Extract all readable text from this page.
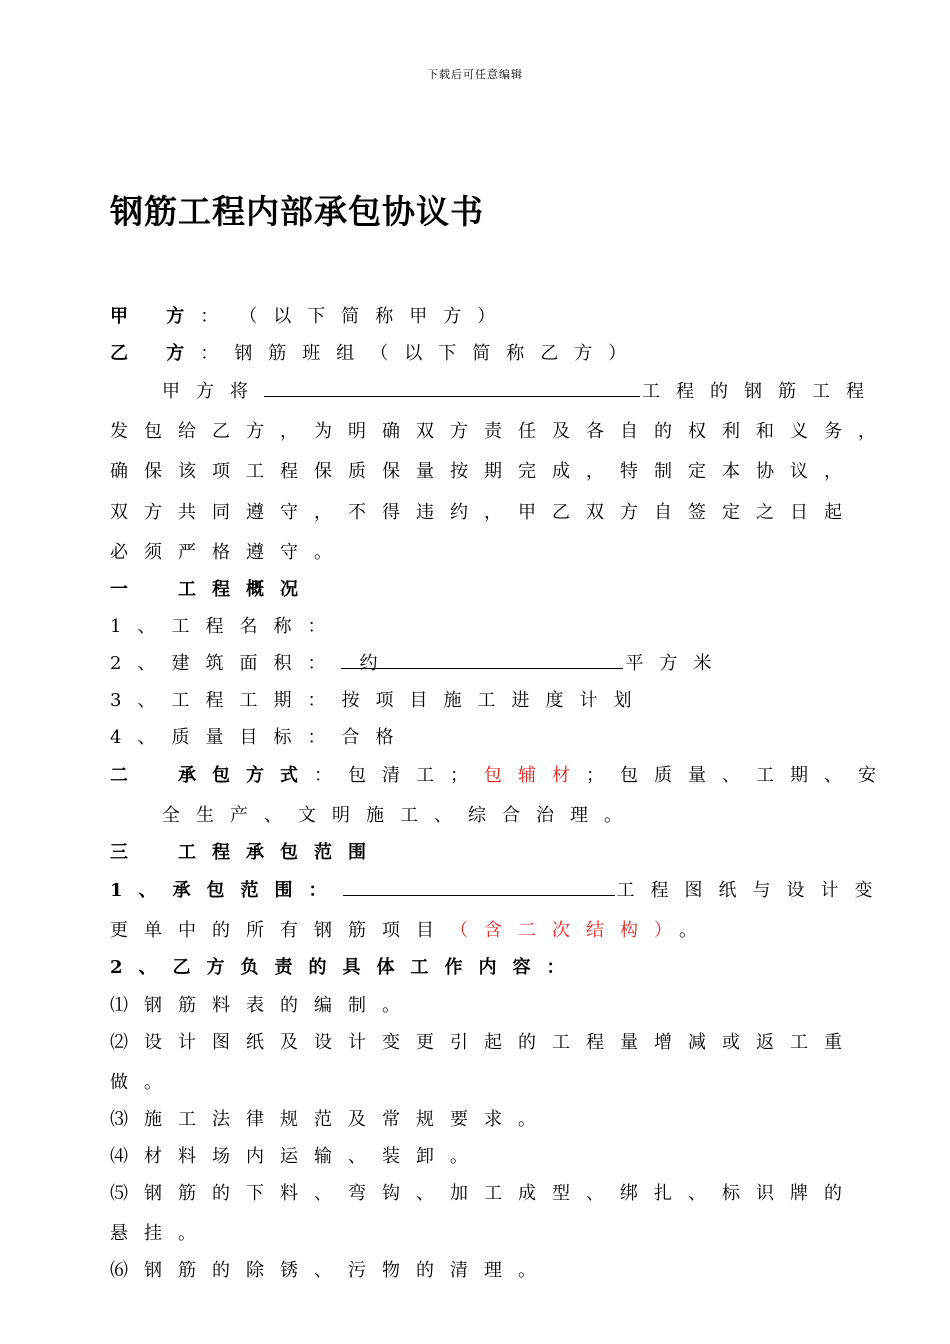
下载后可任意编辑
钢筋工程内部承包协议书
甲 方： （以下简称甲方）
乙 方：钢筋班组（以下简称乙方）
甲方将	工程的钢筋工程
发包给乙方，为明确双方责任及各自的权利和义务，
确保该项工程保质保量按期完成，特制定本协议，
双方共同遵守，不得违约，甲乙双方自签定之日起
必须严格遵守。
一　工程概况
1、工程名称：
2、建筑面积： 约	平方米
3、工程工期：按项目施工进度计划
4、质量目标：合格
二　承包方式：包清工；包辅材；包质量、工期、安
全生产、文明施工、综合治理。
三　工程承包范围
1、承包范围：	工程图纸与设计变
更单中的所有钢筋项目（含二次结构）。
2、乙方负责的具体工作内容：
⑴钢筋料表的编制。
⑵设计图纸及设计变更引起的工程量增减或返工重
做。
⑶施工法律规范及常规要求。
⑷材料场内运输、装卸。
⑸钢筋的下料、弯钩、加工成型、绑扎、标识牌的
悬挂。
⑹钢筋的除锈、污物的清理。
